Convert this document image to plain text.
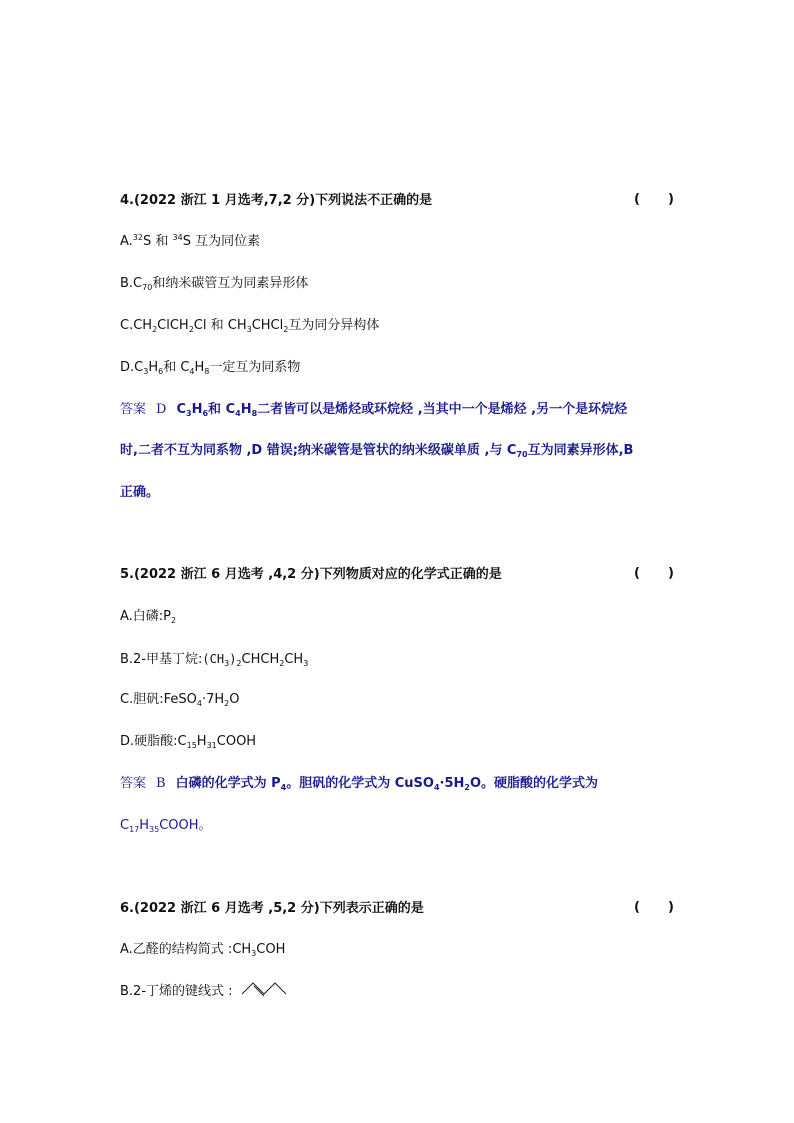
4.(2022 浙江 1 月选考,7,2 分)下列说法不正确的是	( )
A.$^{32}$S 和 $^{34}$S 互为同位素
$B.C_{70}$和纳米碳管互为同素异形体
$C.CH_2ClCH_2Cl$ 和 $CH_3CHCl_2$互为同分异构体
$D.C_3H_6$和 $C_4H_8$一定互为同系物
答案 D $C_3H_6$和 $C_4H_8$二者皆可以是烯烃或环烷烃 ,当其中一个是烯烃 ,另一个是环烷烃
时,二者不互为同系物 ,D 错误;纳米碳管是管状的纳米级碳单质 ,与 $C_{70}$互为同素异形体,B
正确。
5.(2022 浙江 6 月选考 ,4,2 分)下列物质对应的化学式正确的是	( )
A.白磷$:P_2$
B.2-甲基丁烷$:(CH_3)_2CHCH_2CH_3$
C.胆矾$:FeSO_4\cdot 7H_2O$
D.硬脂酸$:C_{15}H_{31}COOH$
答案 B 白磷的化学式为 $P_4$。胆矾的化学式为 $CuSO_4\cdot 5H_2O$。硬脂酸的化学式为
$C_{17}H_{35}COOH$。
6.(2022 浙江 6 月选考 ,5,2 分)下列表示正确的是	( )
A.乙醛的结构简式 $:CH_3COH$
B.2-丁烯的键线式 :
